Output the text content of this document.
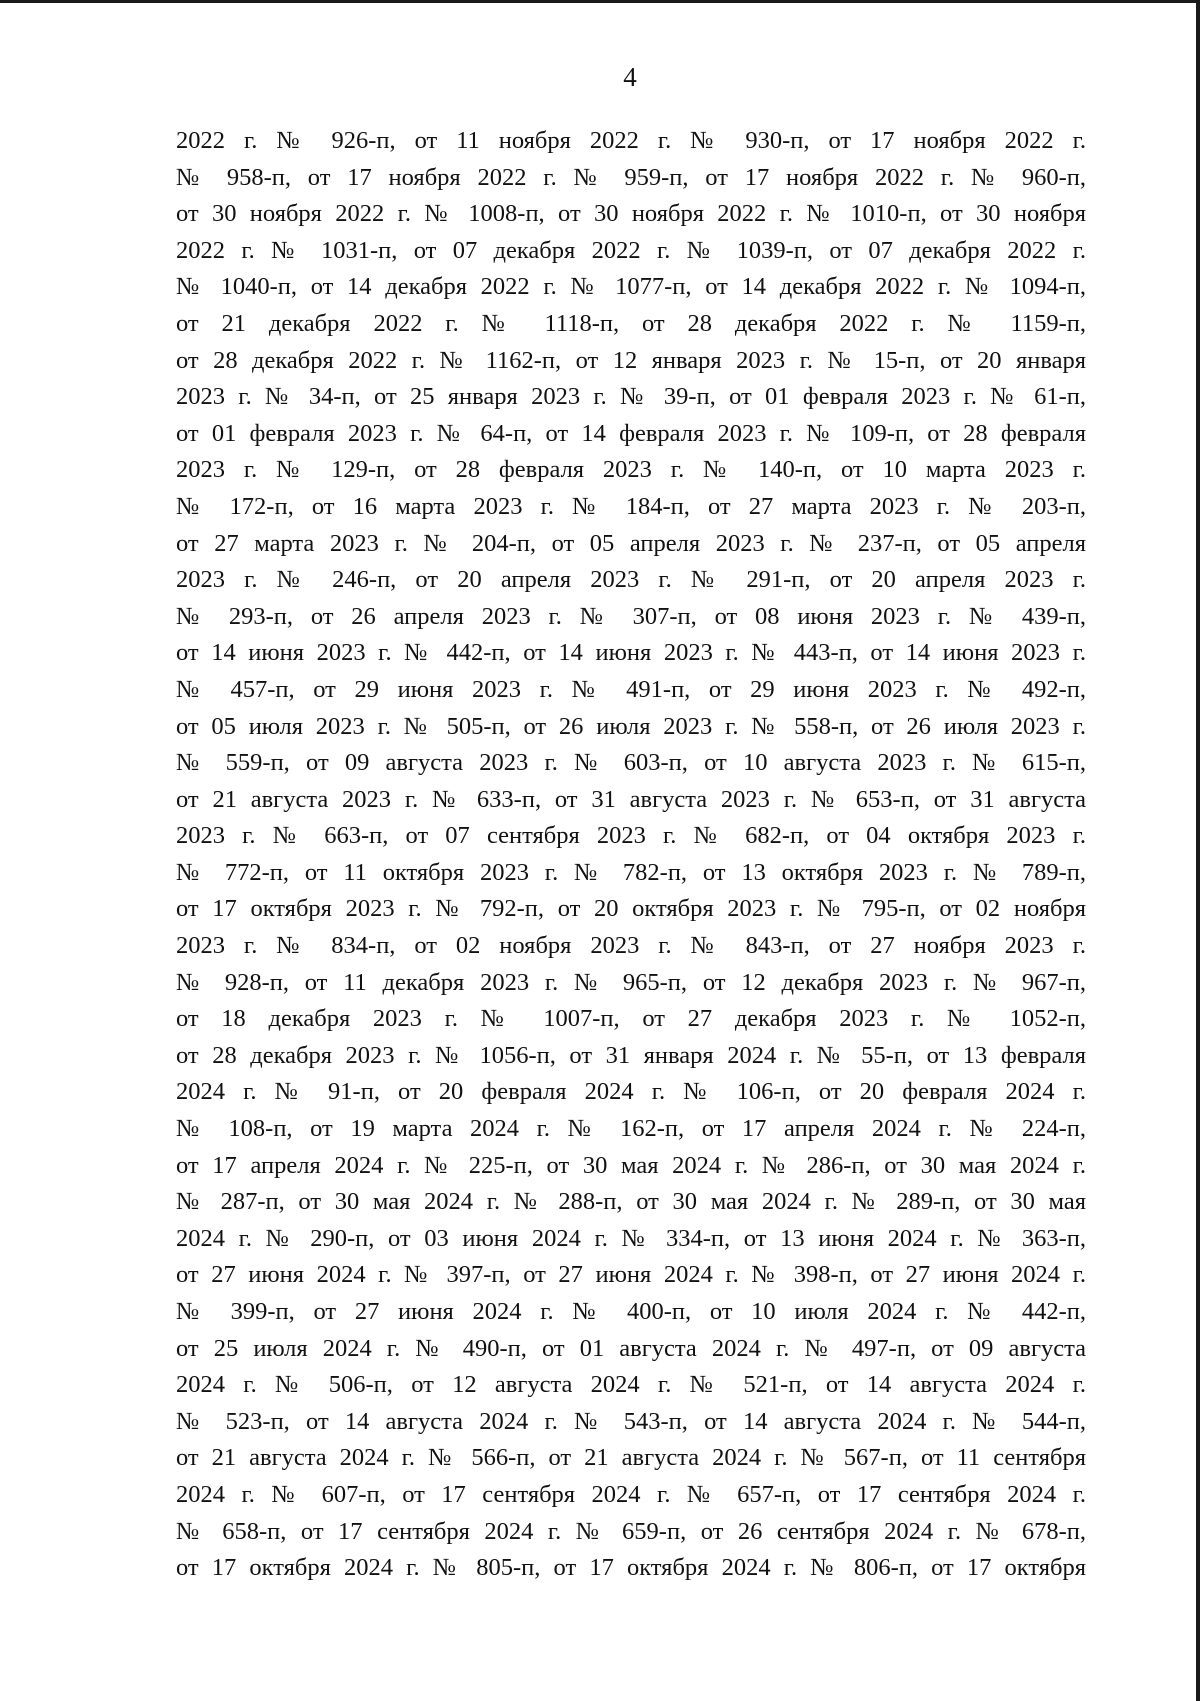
4
2022 г. № 926-п, от 11 ноября 2022 г. № 930-п, от 17 ноября 2022 г.
№ 958-п, от 17 ноября 2022 г. № 959-п, от 17 ноября 2022 г. № 960-п,
от 30 ноября 2022 г. № 1008-п, от 30 ноября 2022 г. № 1010-п, от 30 ноября
2022 г. № 1031-п, от 07 декабря 2022 г. № 1039-п, от 07 декабря 2022 г.
№ 1040-п, от 14 декабря 2022 г. № 1077-п, от 14 декабря 2022 г. № 1094-п,
от 21 декабря 2022 г. № 1118-п, от 28 декабря 2022 г. № 1159-п,
от 28 декабря 2022 г. № 1162-п, от 12 января 2023 г. № 15-п, от 20 января
2023 г. № 34-п, от 25 января 2023 г. № 39-п, от 01 февраля 2023 г. № 61-п,
от 01 февраля 2023 г. № 64-п, от 14 февраля 2023 г. № 109-п, от 28 февраля
2023 г. № 129-п, от 28 февраля 2023 г. № 140-п, от 10 марта 2023 г.
№ 172-п, от 16 марта 2023 г. № 184-п, от 27 марта 2023 г. № 203-п,
от 27 марта 2023 г. № 204-п, от 05 апреля 2023 г. № 237-п, от 05 апреля
2023 г. № 246-п, от 20 апреля 2023 г. № 291-п, от 20 апреля 2023 г.
№ 293-п, от 26 апреля 2023 г. № 307-п, от 08 июня 2023 г. № 439-п,
от 14 июня 2023 г. № 442-п, от 14 июня 2023 г. № 443-п, от 14 июня 2023 г.
№ 457-п, от 29 июня 2023 г. № 491-п, от 29 июня 2023 г. № 492-п,
от 05 июля 2023 г. № 505-п, от 26 июля 2023 г. № 558-п, от 26 июля 2023 г.
№ 559-п, от 09 августа 2023 г. № 603-п, от 10 августа 2023 г. № 615-п,
от 21 августа 2023 г. № 633-п, от 31 августа 2023 г. № 653-п, от 31 августа
2023 г. № 663-п, от 07 сентября 2023 г. № 682-п, от 04 октября 2023 г.
№ 772-п, от 11 октября 2023 г. № 782-п, от 13 октября 2023 г. № 789-п,
от 17 октября 2023 г. № 792-п, от 20 октября 2023 г. № 795-п, от 02 ноября
2023 г. № 834-п, от 02 ноября 2023 г. № 843-п, от 27 ноября 2023 г.
№ 928-п, от 11 декабря 2023 г. № 965-п, от 12 декабря 2023 г. № 967-п,
от 18 декабря 2023 г. № 1007-п, от 27 декабря 2023 г. № 1052-п,
от 28 декабря 2023 г. № 1056-п, от 31 января 2024 г. № 55-п, от 13 февраля
2024 г. № 91-п, от 20 февраля 2024 г. № 106-п, от 20 февраля 2024 г.
№ 108-п, от 19 марта 2024 г. № 162-п, от 17 апреля 2024 г. № 224-п,
от 17 апреля 2024 г. № 225-п, от 30 мая 2024 г. № 286-п, от 30 мая 2024 г.
№ 287-п, от 30 мая 2024 г. № 288-п, от 30 мая 2024 г. № 289-п, от 30 мая
2024 г. № 290-п, от 03 июня 2024 г. № 334-п, от 13 июня 2024 г. № 363-п,
от 27 июня 2024 г. № 397-п, от 27 июня 2024 г. № 398-п, от 27 июня 2024 г.
№ 399-п, от 27 июня 2024 г. № 400-п, от 10 июля 2024 г. № 442-п,
от 25 июля 2024 г. № 490-п, от 01 августа 2024 г. № 497-п, от 09 августа
2024 г. № 506-п, от 12 августа 2024 г. № 521-п, от 14 августа 2024 г.
№ 523-п, от 14 августа 2024 г. № 543-п, от 14 августа 2024 г. № 544-п,
от 21 августа 2024 г. № 566-п, от 21 августа 2024 г. № 567-п, от 11 сентября
2024 г. № 607-п, от 17 сентября 2024 г. № 657-п, от 17 сентября 2024 г.
№ 658-п, от 17 сентября 2024 г. № 659-п, от 26 сентября 2024 г. № 678-п,
от 17 октября 2024 г. № 805-п, от 17 октября 2024 г. № 806-п, от 17 октября
